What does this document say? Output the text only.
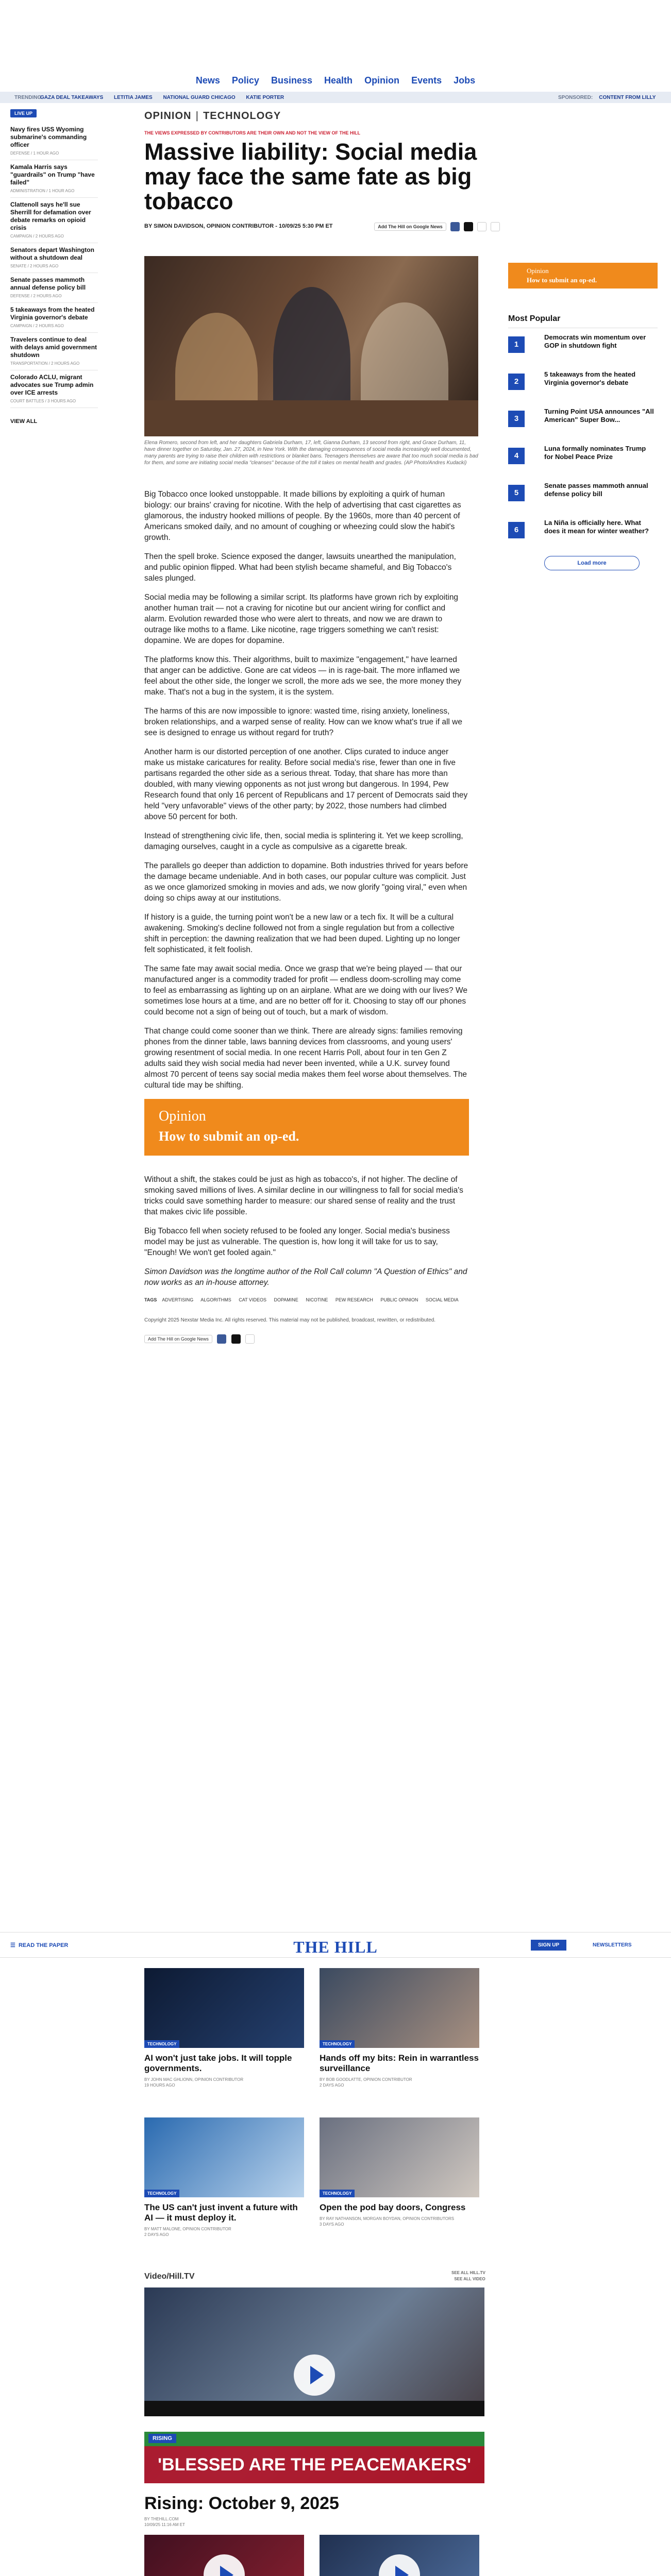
News Policy Business Health Opinion Events Jobs
TRENDING
GAZA DEAL TAKEAWAYS LETITIA JAMES NATIONAL GUARD CHICAGO KATIE PORTER	SPONSORED: CONTENT FROM LILLY
LIVE UP
Navy fires USS Wyoming submarine's commanding officer
DEFENSE / 1 HOUR AGO
Kamala Harris says "guardrails" on Trump "have failed"
ADMINISTRATION / 1 HOUR AGO
Clattenoll says he'll sue Sherrill for defamation over debate remarks on opioid crisis
CAMPAIGN / 2 HOURS AGO
Senators depart Washington without a shutdown deal
SENATE / 2 HOURS AGO
Senate passes mammoth annual defense policy bill
DEFENSE / 2 HOURS AGO
5 takeaways from the heated Virginia governor's debate
CAMPAIGN / 2 HOURS AGO
Travelers continue to deal with delays amid government shutdown
TRANSPORTATION / 2 HOURS AGO
Colorado ACLU, migrant advocates sue Trump admin over ICE arrests
COURT BATTLES / 3 HOURS AGO
VIEW ALL
OPINION | TECHNOLOGY
THE VIEWS EXPRESSED BY CONTRIBUTORS ARE THEIR OWN AND NOT THE VIEW OF THE HILL
Massive liability: Social media may face the same fate as big tobacco
BY SIMON DAVIDSON, OPINION CONTRIBUTOR - 10/09/25 5:30 PM ET	Add The Hill on Google News
Elena Romero, second from left, and her daughters Gabriela Durham, 17, left, Gianna Durham, 13 second from right, and Grace Durham, 11, have dinner together on Saturday, Jan. 27, 2024, in New York. With the damaging consequences of social media increasingly well documented, many parents are trying to raise their children with restrictions or blanket bans. Teenagers themselves are aware that too much social media is bad for them, and some are initiating social media "cleanses" because of the toll it takes on mental health and grades. (AP Photo/Andres Kudacki)

Big Tobacco once looked unstoppable. It made billions by exploiting a quirk of human biology: our brains' craving for nicotine. With the help of advertising that cast cigarettes as glamorous, the industry hooked millions of people. By the 1960s, more than 40 percent of Americans smoked daily, and no amount of coughing or wheezing could slow the habit's growth.

Then the spell broke. Science exposed the danger, lawsuits unearthed the manipulation, and public opinion flipped. What had been stylish became shameful, and Big Tobacco's sales plunged.

Social media may be following a similar script. Its platforms have grown rich by exploiting another human trait — not a craving for nicotine but our ancient wiring for conflict and alarm. Evolution rewarded those who were alert to threats, and now we are drawn to outrage like moths to a flame. Like nicotine, rage triggers something we can't resist: dopamine. We are dopes for dopamine.

The platforms know this. Their algorithms, built to maximize "engagement," have learned that anger can be addictive. Gone are cat videos — in is rage-bait. The more inflamed we feel about the other side, the longer we scroll, the more ads we see, the more money they make. That's not a bug in the system, it is the system.

The harms of this are now impossible to ignore: wasted time, rising anxiety, loneliness, broken relationships, and a warped sense of reality. How can we know what's true if all we see is designed to enrage us without regard for truth?

Another harm is our distorted perception of one another. Clips curated to induce anger make us mistake caricatures for reality. Before social media's rise, fewer than one in five partisans regarded the other side as a serious threat. Today, that share has more than doubled, with many viewing opponents as not just wrong but dangerous. In 1994, Pew Research found that only 16 percent of Republicans and 17 percent of Democrats said they held "very unfavorable" views of the other party; by 2022, those numbers had climbed above 50 percent for both.

Instead of strengthening civic life, then, social media is splintering it. Yet we keep scrolling, damaging ourselves, caught in a cycle as compulsive as a cigarette break.

The parallels go deeper than addiction to dopamine. Both industries thrived for years before the damage became undeniable. And in both cases, our popular culture was complicit. Just as we once glamorized smoking in movies and ads, we now glorify "going viral," even when doing so chips away at our institutions.

If history is a guide, the turning point won't be a new law or a tech fix. It will be a cultural awakening. Smoking's decline followed not from a single regulation but from a collective shift in perception: the dawning realization that we had been duped. Lighting up no longer felt sophisticated, it felt foolish.

The same fate may await social media. Once we grasp that we're being played — that our manufactured anger is a commodity traded for profit — endless doom-scrolling may come to feel as embarrassing as lighting up on an airplane. What are we doing with our lives? We sometimes lose hours at a time, and are no better off for it. Choosing to stay off our phones could become not a sign of being out of touch, but a mark of wisdom.

That change could come sooner than we think. There are already signs: families removing phones from the dinner table, laws banning devices from classrooms, and young users' growing resentment of social media. In one recent Harris Poll, about four in ten Gen Z adults said they wish social media had never been invented, while a U.K. survey found almost 70 percent of teens say social media makes them feel worse about themselves. The cultural tide may be shifting.

Opinion
How to submit an op-ed.

Without a shift, the stakes could be just as high as tobacco's, if not higher. The decline of smoking saved millions of lives. A similar decline in our willingness to fall for social media's tricks could save something harder to measure: our shared sense of reality and the trust that makes civic life possible.

Big Tobacco fell when society refused to be fooled any longer. Social media's business model may be just as vulnerable. The question is, how long it will take for us to say, "Enough! We won't get fooled again."

Simon Davidson was the longtime author of the Roll Call column "A Question of Ethics" and now works as an in-house attorney.

TAGS ADVERTISING ALGORITHMS CAT VIDEOS DOPAMINE NICOTINE PEW RESEARCH PUBLIC OPINION SOCIAL MEDIA
Copyright 2025 Nexstar Media Inc. All rights reserved. This material may not be published, broadcast, rewritten, or redistributed.
Add The Hill on Google News
Opinion
How to submit an op-ed.
Most Popular
1
Democrats win momentum over GOP in shutdown fight
2
5 takeaways from the heated Virginia governor's debate
3
Turning Point USA announces "All American" Super Bow...
4
Luna formally nominates Trump for Nobel Peace Prize
5
Senate passes mammoth annual defense policy bill
6
La Niña is officially here. What does it mean for winter weather?
Load more
☰  READ THE PAPER	THE HILL	SIGN UP	NEWSLETTERS
TECHNOLOGY
AI won't just take jobs. It will topple governments.
BY JOHN MAC GHLIONN, OPINION CONTRIBUTOR
19 HOURS AGO
TECHNOLOGY
Hands off my bits: Rein in warrantless surveillance
BY BOB GOODLATTE, OPINION CONTRIBUTOR
2 DAYS AGO
TECHNOLOGY
The US can't just invent a future with AI — it must deploy it.
BY MATT MALONE, OPINION CONTRIBUTOR
2 DAYS AGO
TECHNOLOGY
Open the pod bay doors, Congress
BY RAY NATHANSON, MORGAN BOYDAN, OPINION CONTRIBUTORS
3 DAYS AGO
Video/Hill.TV	SEE ALL HILL.TV
SEE ALL VIDEO
'BLESSED ARE THE PEACEMAKERS'
RISING
Rising: October 9, 2025
BY THEHILL.COM
10/09/25 11:16 AM ET
